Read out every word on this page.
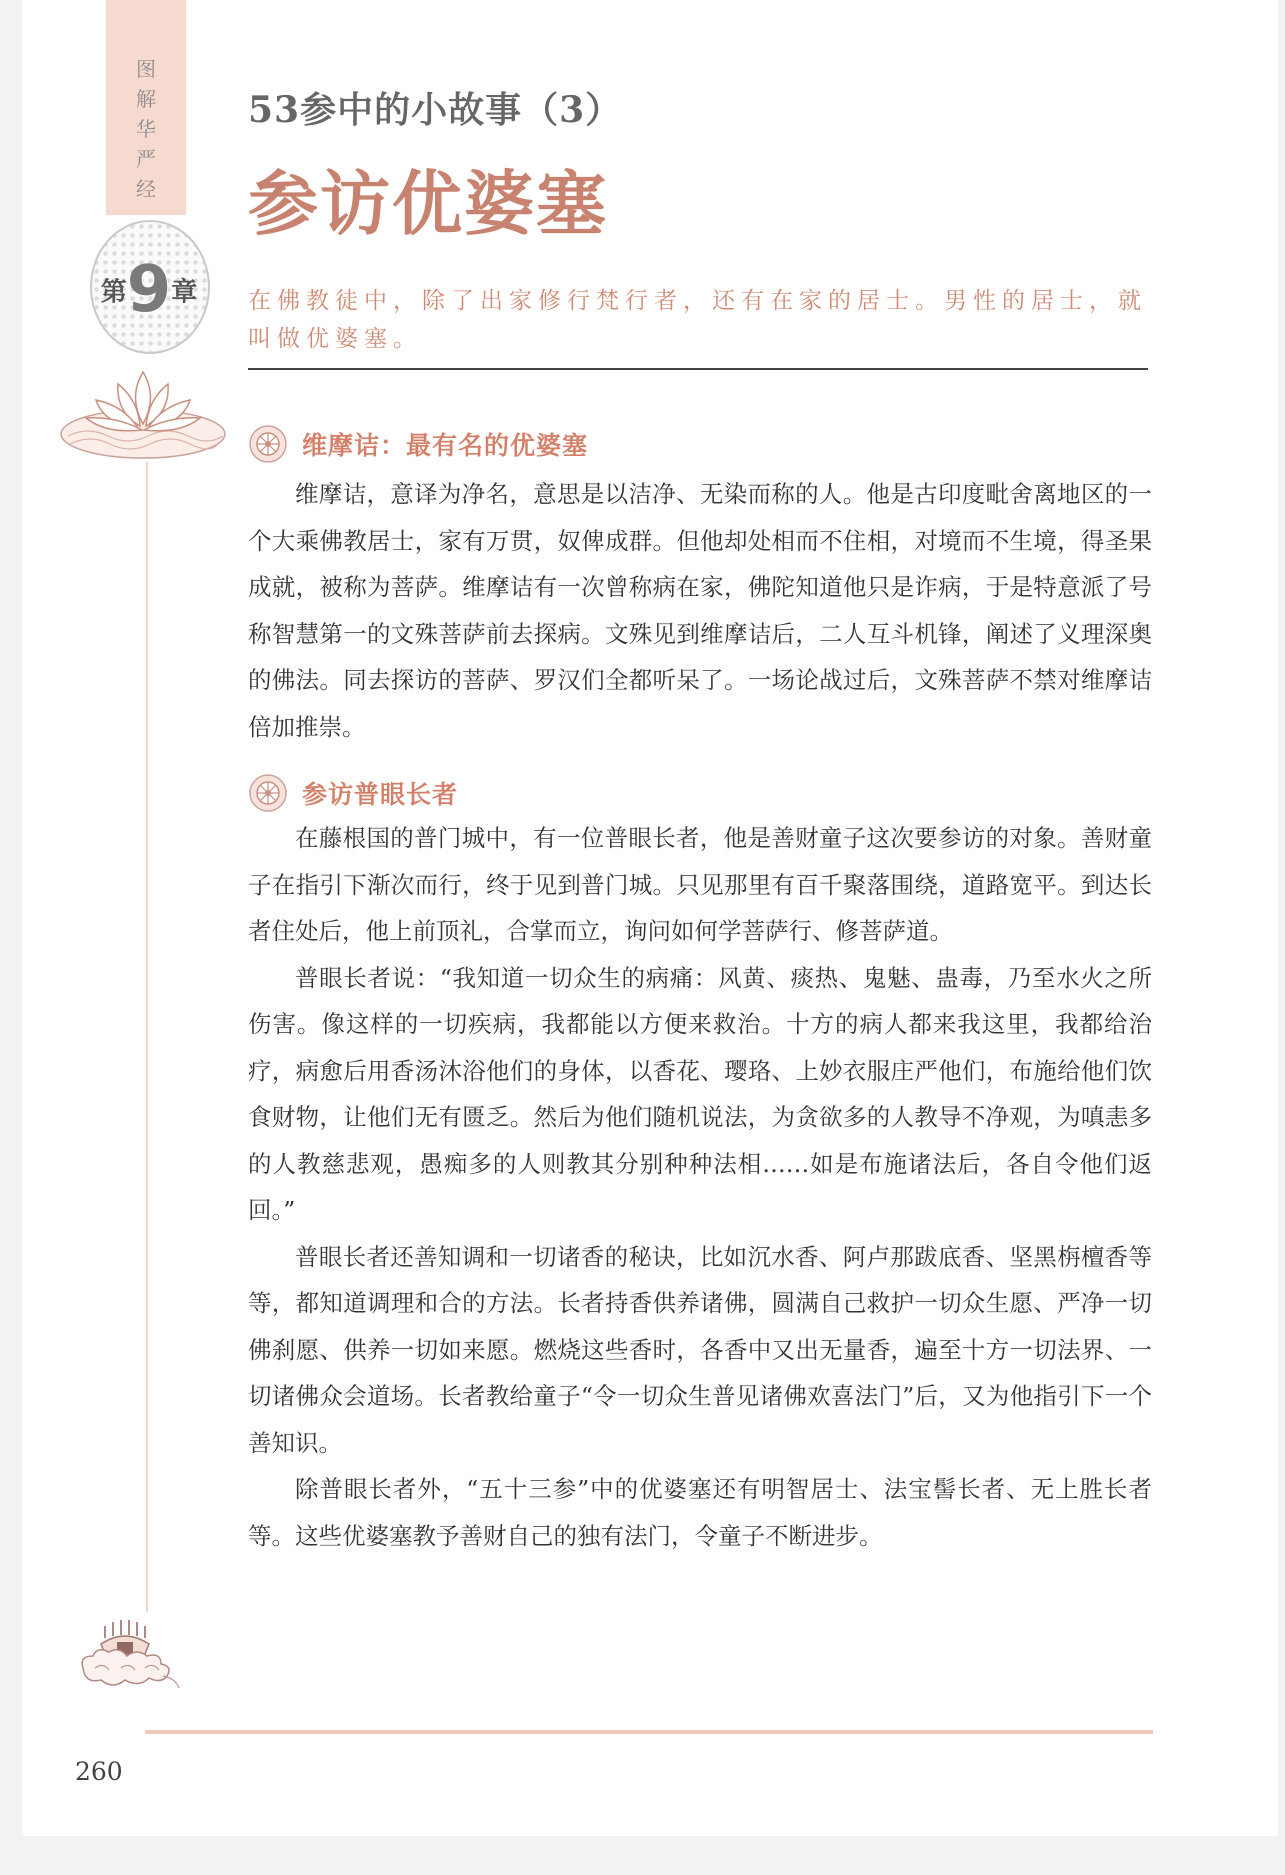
图
解
华
严
经
第9章
53参中的小故事（3）
参访优婆塞
在佛教徒中，除了出家修行梵行者，还有在家的居士。男性的居士，就叫做优婆塞。
维摩诘：最有名的优婆塞

维摩诘，意译为净名，意思是以洁净、无染而称的人。他是古印度毗舍离地区的一个大乘佛教居士，家有万贯，奴俾成群。但他却处相而不住相，对境而不生境，得圣果成就，被称为菩萨。维摩诘有一次曾称病在家，佛陀知道他只是诈病，于是特意派了号称智慧第一的文殊菩萨前去探病。文殊见到维摩诘后，二人互斗机锋，阐述了义理深奥的佛法。同去探访的菩萨、罗汉们全都听呆了。一场论战过后，文殊菩萨不禁对维摩诘倍加推崇。

参访普眼长者

在藤根国的普门城中，有一位普眼长者，他是善财童子这次要参访的对象。善财童子在指引下渐次而行，终于见到普门城。只见那里有百千聚落围绕，道路宽平。到达长者住处后，他上前顶礼，合掌而立，询问如何学菩萨行、修菩萨道。

普眼长者说：“我知道一切众生的病痛：风黄、痰热、鬼魅、蛊毒，乃至水火之所伤害。像这样的一切疾病，我都能以方便来救治。十方的病人都来我这里，我都给治疗，病愈后用香汤沐浴他们的身体，以香花、璎珞、上妙衣服庄严他们，布施给他们饮食财物，让他们无有匮乏。然后为他们随机说法，为贪欲多的人教导不净观，为嗔恚多的人教慈悲观，愚痴多的人则教其分别种种法相……如是布施诸法后，各自令他们返回。”

普眼长者还善知调和一切诸香的秘诀，比如沉水香、阿卢那跋底香、坚黑栴檀香等等，都知道调理和合的方法。长者持香供养诸佛，圆满自己救护一切众生愿、严净一切佛刹愿、供养一切如来愿。燃烧这些香时，各香中又出无量香，遍至十方一切法界、一切诸佛众会道场。长者教给童子“令一切众生普见诸佛欢喜法门”后，又为他指引下一个善知识。

除普眼长者外，“五十三参”中的优婆塞还有明智居士、法宝髻长者、无上胜长者等。这些优婆塞教予善财自己的独有法门，令童子不断进步。

260
